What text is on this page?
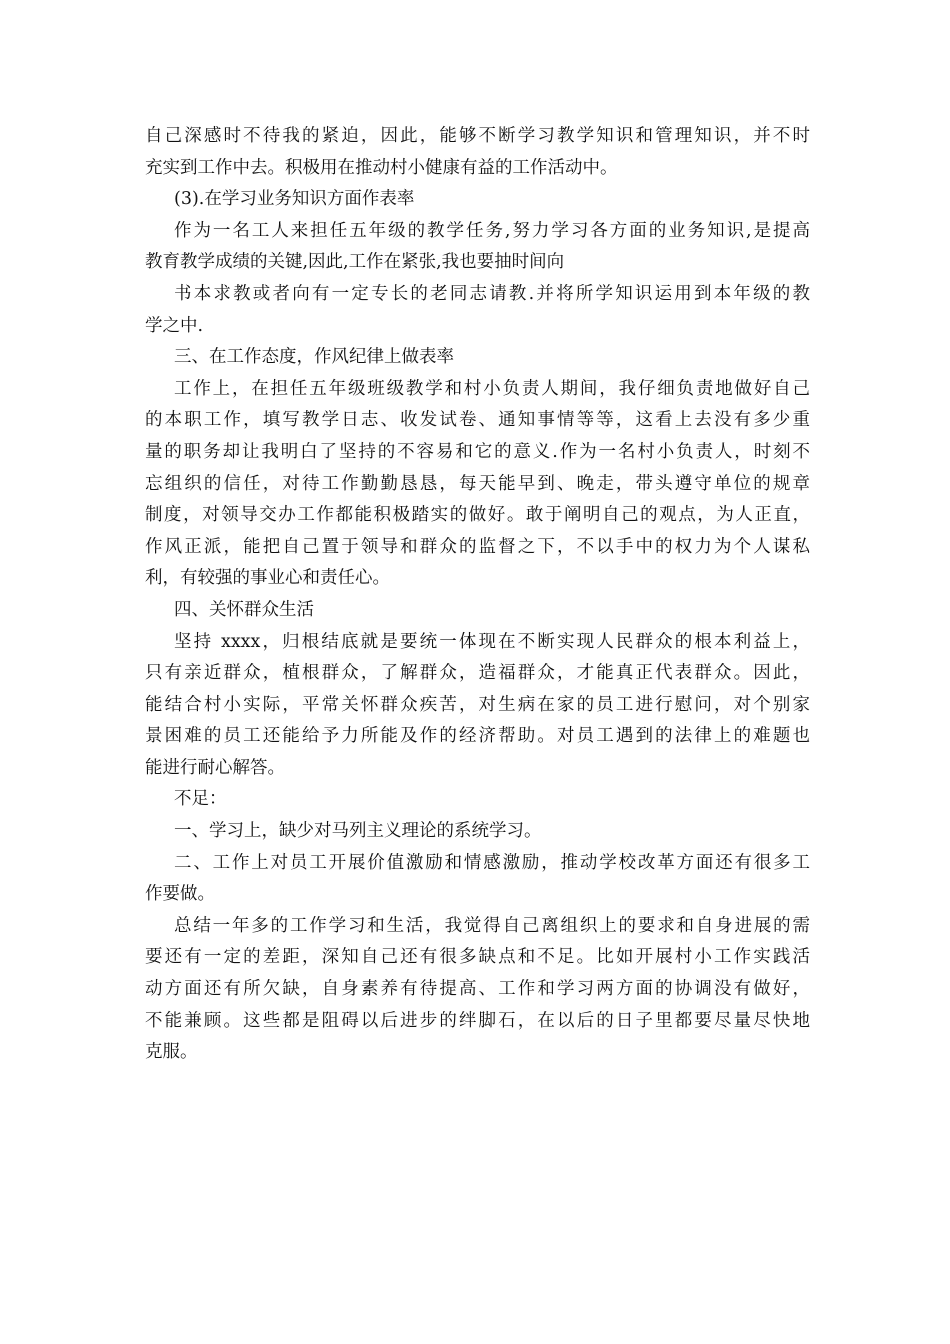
自己深感时不待我的紧迫，因此，能够不断学习教学知识和管理知识，并不时
充实到工作中去。积极用在推动村小健康有益的工作活动中。
(3).在学习业务知识方面作表率
作为一名工人来担任五年级的教学任务,努力学习各方面的业务知识,是提高
教育教学成绩的关键,因此,工作在紧张,我也要抽时间向
书本求教或者向有一定专长的老同志请教.并将所学知识运用到本年级的教
学之中.
三、在工作态度，作风纪律上做表率
工作上，在担任五年级班级教学和村小负责人期间，我仔细负责地做好自己
的本职工作，填写教学日志、收发试卷、通知事情等等，这看上去没有多少重
量的职务却让我明白了坚持的不容易和它的意义.作为一名村小负责人，时刻不
忘组织的信任，对待工作勤勤恳恳，每天能早到、晚走，带头遵守单位的规章
制度，对领导交办工作都能积极踏实的做好。敢于阐明自己的观点，为人正直，
作风正派，能把自己置于领导和群众的监督之下，不以手中的权力为个人谋私
利，有较强的事业心和责任心。
四、关怀群众生活
坚持 xxxx，归根结底就是要统一体现在不断实现人民群众的根本利益上，
只有亲近群众，植根群众，了解群众，造福群众，才能真正代表群众。因此，
能结合村小实际，平常关怀群众疾苦，对生病在家的员工进行慰问，对个别家
景困难的员工还能给予力所能及作的经济帮助。对员工遇到的法律上的难题也
能进行耐心解答。
不足：
一、学习上，缺少对马列主义理论的系统学习。
二、工作上对员工开展价值激励和情感激励，推动学校改革方面还有很多工
作要做。
总结一年多的工作学习和生活，我觉得自己离组织上的要求和自身进展的需
要还有一定的差距，深知自己还有很多缺点和不足。比如开展村小工作实践活
动方面还有所欠缺，自身素养有待提高、工作和学习两方面的协调没有做好，
不能兼顾。这些都是阻碍以后进步的绊脚石，在以后的日子里都要尽量尽快地
克服。
